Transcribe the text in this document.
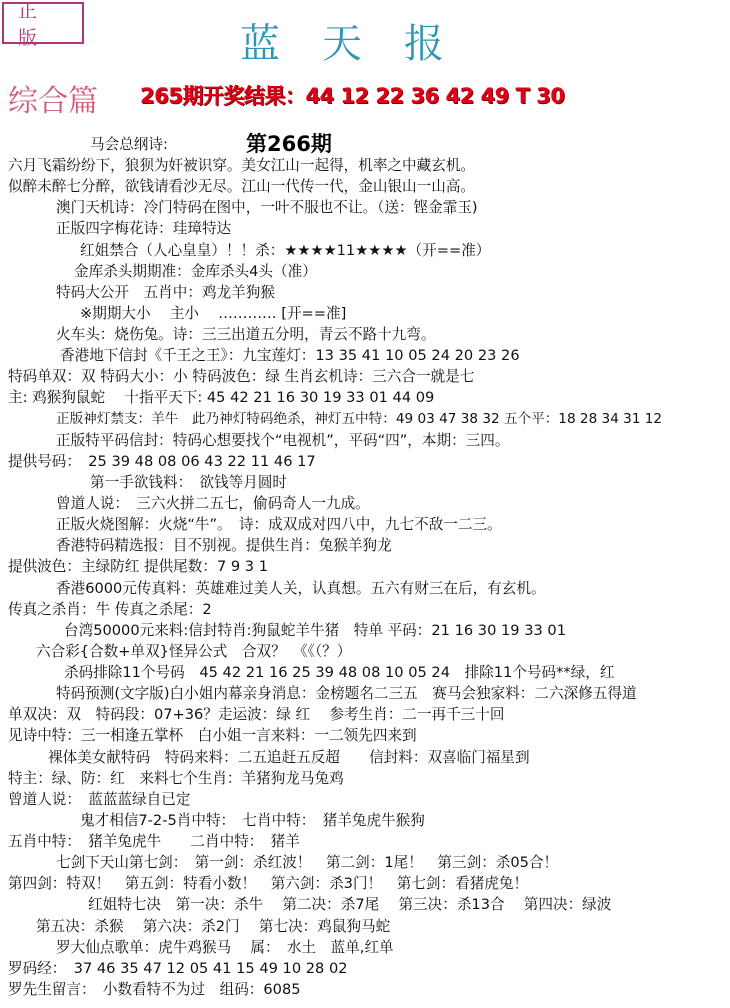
正版	蓝天报
综合篇 265期开奖结果：44 12 22 36 42 49 T 30
第266期
马会总纲诗:
六月飞霜纷纷下，狼狈为奸被识穿。美女江山一起得，机率之中藏玄机。
似醉未醉七分醉，欲钱请看沙无尽。江山一代传一代，金山银山一山高。
澳门天机诗：冷门特码在图中，一叶不服也不让。（送：铿金霏玉)
正版四字梅花诗：珪璋特达
红姐禁合（人心皇皇）！！杀：★★★★11★★★★（开==准）
金库杀头期期准：金库杀头4头（准）
特码大公开　五肖中：鸡龙羊狗猴
※期期大小　 主小　 ………… [开==准]
火车头：烧伤兔。诗：三三出道五分明，青云不路十九弯。
香港地下信封《千王之王》：九宝莲灯：13 35 41 10 05 24 20 23 26
特码单双：双 特码大小：小 特码波色：绿 生肖玄机诗：三六合一就是七
主: 鸡猴狗鼠蛇　 十指平天下: 45 42 21 16 30 19 33 01 44 09
正版神灯禁支：羊牛　此乃神灯特码绝杀，神灯五中特：49 03 47 38 32 五个平：18 28 34 31 12
正版特平码信封：特码心想要找个“电视机”，平码“四”，本期：三四。
提供号码：　25 39 48 08 06 43 22 11 46 17
第一手欲钱料：　欲钱等月圆时
曾道人说：　三六火拼二五七，偷码奇人一九成。
正版火烧图解：火烧“牛”。　诗：成双成对四八中，九七不敌一二三。
香港特码精选报：目不别视。提供生肖：兔猴羊狗龙
提供波色：主绿防红 提供尾数：7 9 3 1
香港6000元传真料：英雄难过美人关，认真想。五六有财三在后，有玄机。
传真之杀肖：牛 传真之杀尾：2
台湾50000元来料:信封特肖:狗鼠蛇羊牛猪　特单 平码：21 16 30 19 33 01
六合彩{合数+单双}怪异公式　合双？　《《（？）
杀码排除11个号码　45 42 21 16 25 39 48 08 10 05 24　排除11个号码**绿，红
特码预测(文字版)白小姐内幕亲身消息：金榜题名二三五　赛马会独家料：二六深修五得道
单双决：双　特码段：07+36？走运波：绿 红　 参考生肖：二一再千三十回
见诗中特：三一相逢五掌杯　白小姐一言来料：一二领先四来到
裸体美女献特码　特码来料：二五追赶五反超　　信封料：双喜临门福星到
特主：绿、防：红　来料七个生肖：羊猪狗龙马兔鸡
曾道人说：　蓝蓝蓝绿自已定
鬼才相信7-2-5肖中特：　七肖中特：　猪羊兔虎牛猴狗
五肖中特：　猪羊兔虎牛　　二肖中特：　猪羊
七剑下天山第七剑：　第一剑：杀红波！　第二剑：1尾！　第三剑：杀05合！
第四剑：特双！　第五剑：特看小数！　第六剑：杀3门！　第七剑：看猪虎兔！
红姐特七决　第一决：杀牛　 第二决：杀7尾　 第三决：杀13合　 第四决：绿波
第五决：杀猴　 第六决：杀2门　 第七决：鸡鼠狗马蛇
罗大仙点歌单：虎牛鸡猴马　 属：　水土　蓝单,红单
罗码经：　37 46 35 47 12 05 41 15 49 10 28 02
罗先生留言：　小数看特不为过　组码：6085
